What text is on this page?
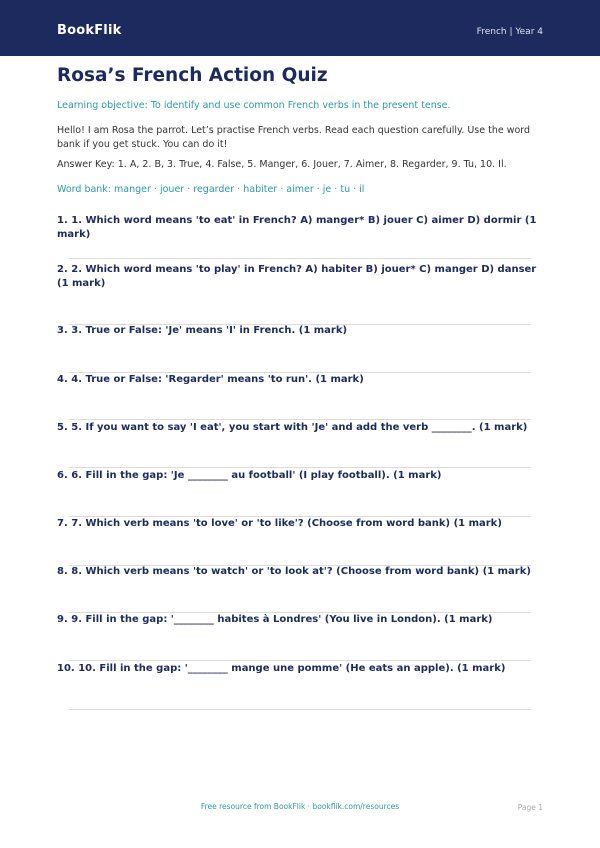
BookFlik	French | Year 4
Rosa’s French Action Quiz
Learning objective: To identify and use common French verbs in the present tense.
Hello! I am Rosa the parrot. Let’s practise French verbs. Read each question carefully. Use the word bank if you get stuck. You can do it!
Answer Key: 1. A, 2. B, 3. True, 4. False, 5. Manger, 6. Jouer, 7. Aimer, 8. Regarder, 9. Tu, 10. Il.
Word bank: manger · jouer · regarder · habiter · aimer · je · tu · il
1. 1. Which word means 'to eat' in French? A) manger* B) jouer C) aimer D) dormir (1 mark)
2. 2. Which word means 'to play' in French? A) habiter B) jouer* C) manger D) danser (1 mark)
3. 3. True or False: 'Je' means 'I' in French. (1 mark)
4. 4. True or False: 'Regarder' means 'to run'. (1 mark)
5. 5. If you want to say 'I eat', you start with 'Je' and add the verb ________. (1 mark)
6. 6. Fill in the gap: 'Je ________ au football' (I play football). (1 mark)
7. 7. Which verb means 'to love' or 'to like'? (Choose from word bank) (1 mark)
8. 8. Which verb means 'to watch' or 'to look at'? (Choose from word bank) (1 mark)
9. 9. Fill in the gap: '________ habites à Londres' (You live in London). (1 mark)
10. 10. Fill in the gap: '________ mange une pomme' (He eats an apple). (1 mark)
Free resource from BookFlik · bookflik.com/resources	Page 1
